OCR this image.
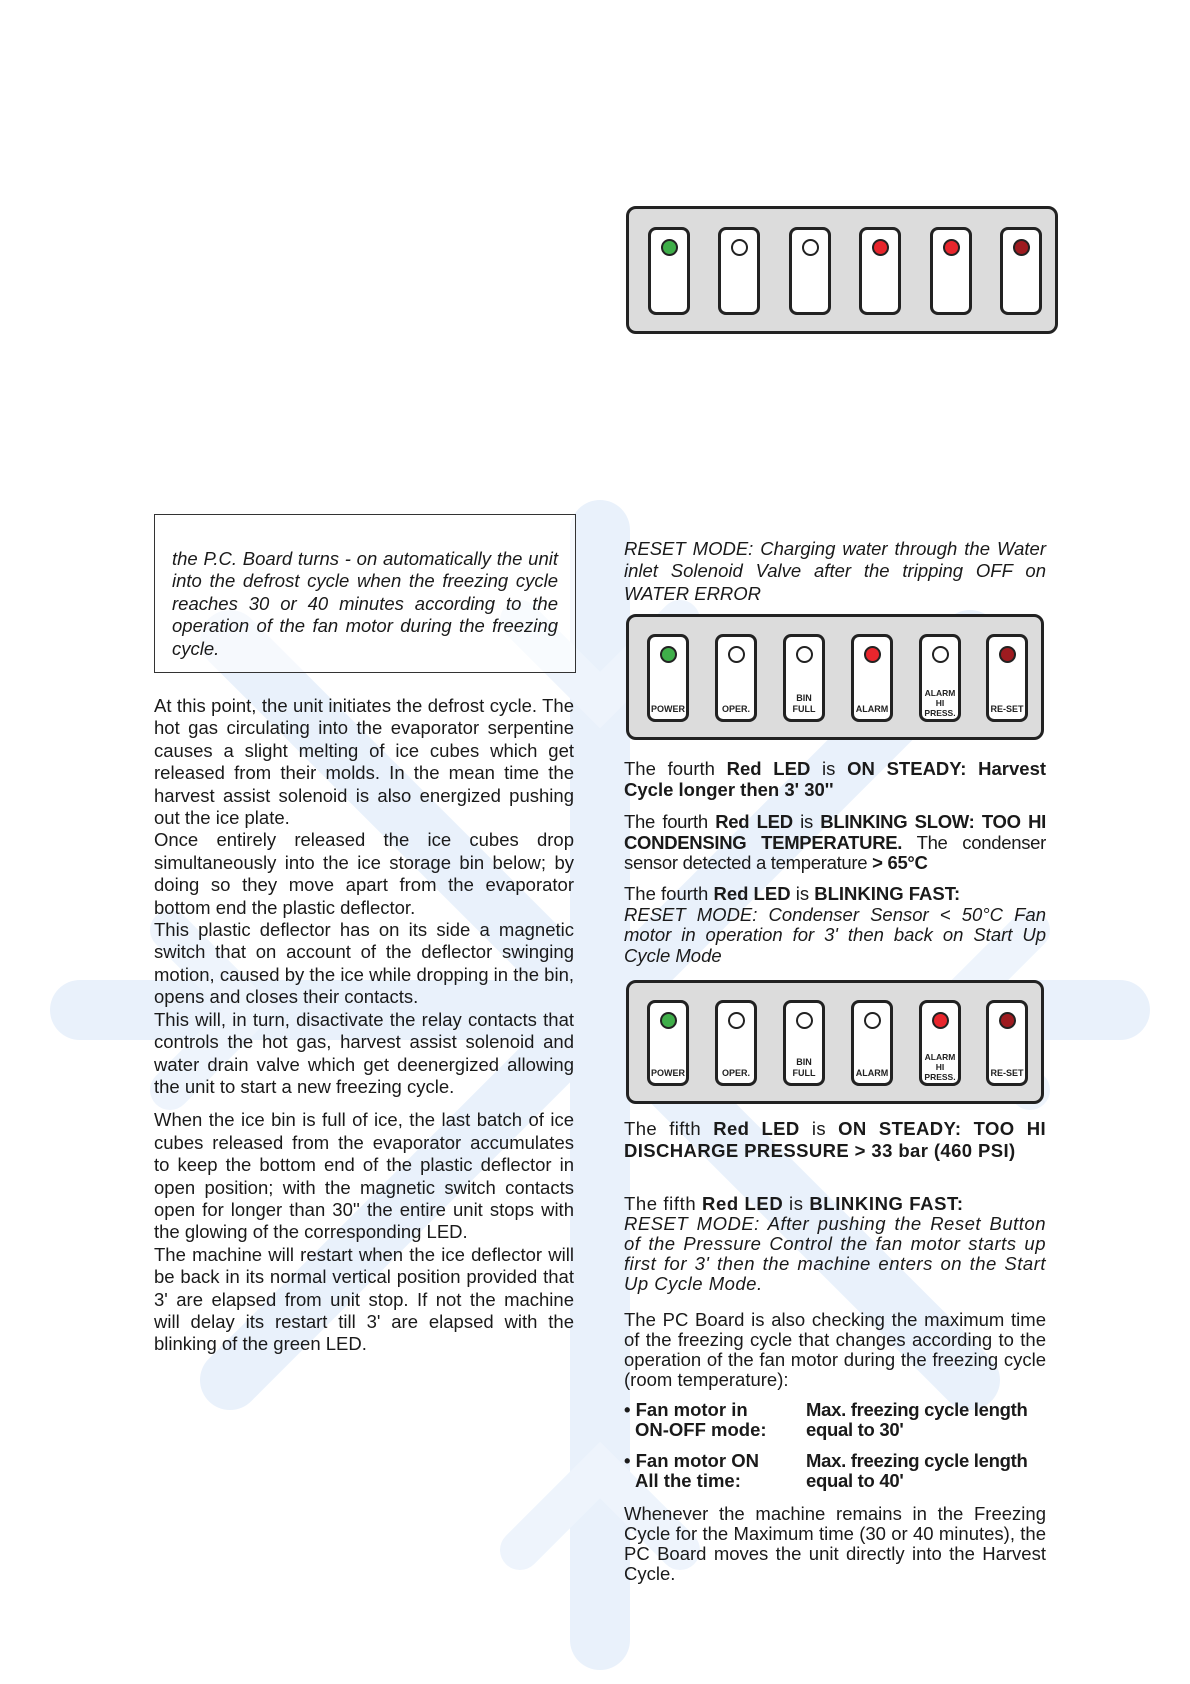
the P.C. Board turns - on automatically the unit into the defrost cycle when the freezing cycle reaches 30 or 40 minutes according to the operation of the fan motor during the freezing cycle.

At this point, the unit initiates the defrost cycle. The hot gas circulating into the evaporator serpentine causes a slight melting of ice cubes which get released from their molds. In the mean time the harvest assist solenoid is also energized pushing out the ice plate.

Once entirely released the ice cubes drop simultaneously into the ice storage bin below; by doing so they move apart from the evaporator bottom end the plastic deflector.

This plastic deflector has on its side a magnetic switch that on account of the deflector swinging motion, caused by the ice while dropping in the bin, opens and closes their contacts.

This will, in turn, disactivate the relay contacts that controls the hot gas, harvest assist solenoid and water drain valve which get deenergized allowing the unit to start a new freezing cycle.

When the ice bin is full of ice, the last batch of ice cubes released from the evaporator accumulates to keep the bottom end of the plastic deflector in open position; with the magnetic switch contacts open for longer than 30'' the entire unit stops with the glowing of the corresponding LED.

The machine will restart when the ice deflector will be back in its normal vertical position provided that 3' are elapsed from unit stop. If not the machine will delay its restart till 3' are elapsed with the blinking of the green LED.

RESET MODE: Charging water through the Water inlet Solenoid Valve after the tripping OFF on WATER ERROR

POWER	OPER.
BIN
FULL	ALARM
ALARM
HI
PRESS.	RE-SET

The fourth Red LED is ON STEADY: Harvest Cycle longer then 3' 30''

The fourth Red LED is BLINKING SLOW: TOO HI CONDENSING TEMPERATURE. The condenser sensor detected a temperature > 65°C

The fourth Red LED is BLINKING FAST:

RESET MODE: Condenser Sensor < 50°C Fan motor in operation for 3' then back on Start Up Cycle Mode

POWER	OPER.
BIN
FULL	ALARM
ALARM
HI
PRESS.	RE-SET

The fifth Red LED is ON STEADY: TOO HI DISCHARGE PRESSURE > 33 bar (460 PSI)

The fifth Red LED is BLINKING FAST:

RESET MODE: After pushing the Reset Button of the Pressure Control the fan motor starts up first for 3' then the machine enters on the Start Up Cycle Mode.

The PC Board is also checking the maximum time of the freezing cycle that changes according to the operation of the fan motor during the freezing cycle (room temperature):

• Fan motor in
ON-OFF mode:
Max. freezing cycle length
equal to 30'
• Fan motor ON
All the time:
Max. freezing cycle length
equal to 40'

Whenever the machine remains in the Freezing Cycle for the Maximum time (30 or 40 minutes), the PC Board moves the unit directly into the Harvest Cycle.
